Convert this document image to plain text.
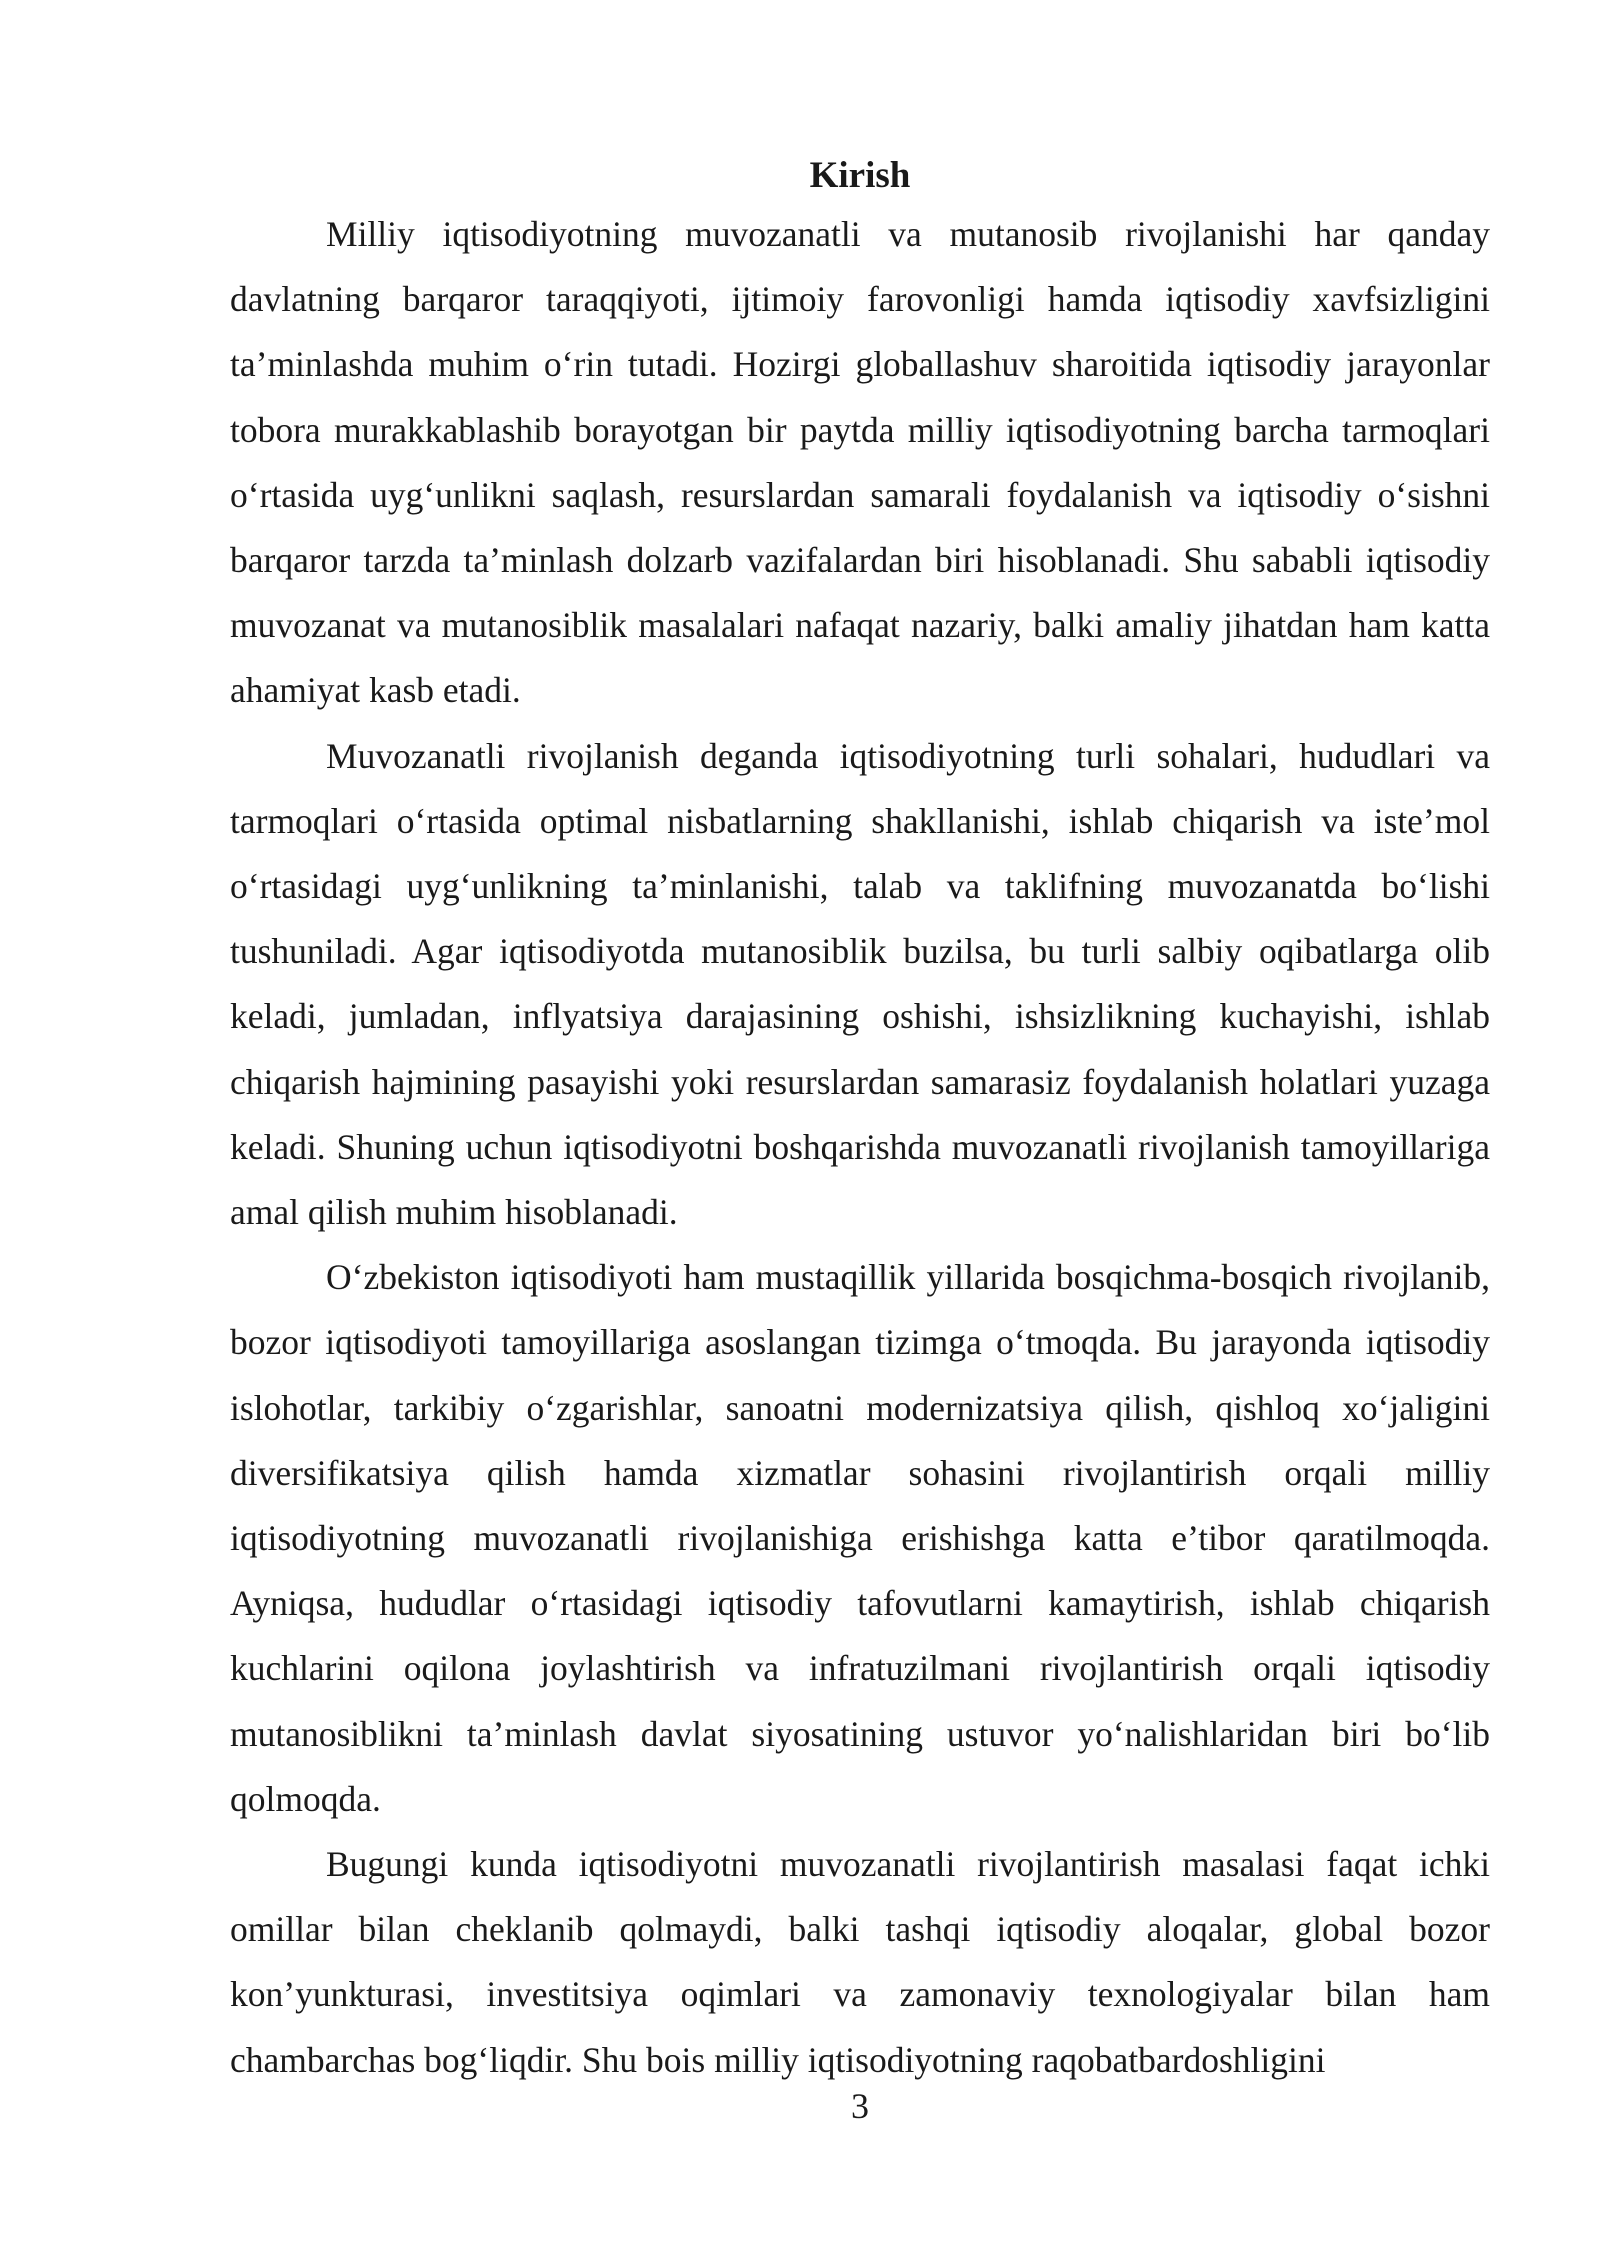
Kirish

Milliy iqtisodiyotning muvozanatli va mutanosib rivojlanishi har qanday davlatning barqaror taraqqiyoti, ijtimoiy farovonligi hamda iqtisodiy xavfsizligini ta’minlashda muhim o‘rin tutadi. Hozirgi globallashuv sharoitida iqtisodiy jarayonlar tobora murakkablashib borayotgan bir paytda milliy iqtisodiyotning barcha tarmoqlari o‘rtasida uyg‘unlikni saqlash, resurslardan samarali foydalanish va iqtisodiy o‘sishni barqaror tarzda ta’minlash dolzarb vazifalardan biri hisoblanadi. Shu sababli iqtisodiy muvozanat va mutanosiblik masalalari nafaqat nazariy, balki amaliy jihatdan ham katta ahamiyat kasb etadi.

Muvozanatli rivojlanish deganda iqtisodiyotning turli sohalari, hududlari va tarmoqlari o‘rtasida optimal nisbatlarning shakllanishi, ishlab chiqarish va iste’mol o‘rtasidagi uyg‘unlikning ta’minlanishi, talab va taklifning muvozanatda bo‘lishi tushuniladi. Agar iqtisodiyotda mutanosiblik buzilsa, bu turli salbiy oqibatlarga olib keladi, jumladan, inflyatsiya darajasining oshishi, ishsizlikning kuchayishi, ishlab chiqarish hajmining pasayishi yoki resurslardan samarasiz foydalanish holatlari yuzaga keladi. Shuning uchun iqtisodiyotni boshqarishda muvozanatli rivojlanish tamoyillariga amal qilish muhim hisoblanadi.

O‘zbekiston iqtisodiyoti ham mustaqillik yillarida bosqichma-bosqich rivojlanib, bozor iqtisodiyoti tamoyillariga asoslangan tizimga o‘tmoqda. Bu jarayonda iqtisodiy islohotlar, tarkibiy o‘zgarishlar, sanoatni modernizatsiya qilish, qishloq xo‘jaligini diversifikatsiya qilish hamda xizmatlar sohasini rivojlantirish orqali milliy iqtisodiyotning muvozanatli rivojlanishiga erishishga katta e’tibor qaratilmoqda. Ayniqsa, hududlar o‘rtasidagi iqtisodiy tafovutlarni kamaytirish, ishlab chiqarish kuchlarini oqilona joylashtirish va infratuzilmani rivojlantirish orqali iqtisodiy mutanosiblikni ta’minlash davlat siyosatining ustuvor yo‘nalishlaridan biri bo‘lib qolmoqda.

Bugungi kunda iqtisodiyotni muvozanatli rivojlantirish masalasi faqat ichki omillar bilan cheklanib qolmaydi, balki tashqi iqtisodiy aloqalar, global bozor kon’yunkturasi, investitsiya oqimlari va zamonaviy texnologiyalar bilan ham chambarchas bog‘liqdir. Shu bois milliy iqtisodiyotning raqobatbardoshligini

3
